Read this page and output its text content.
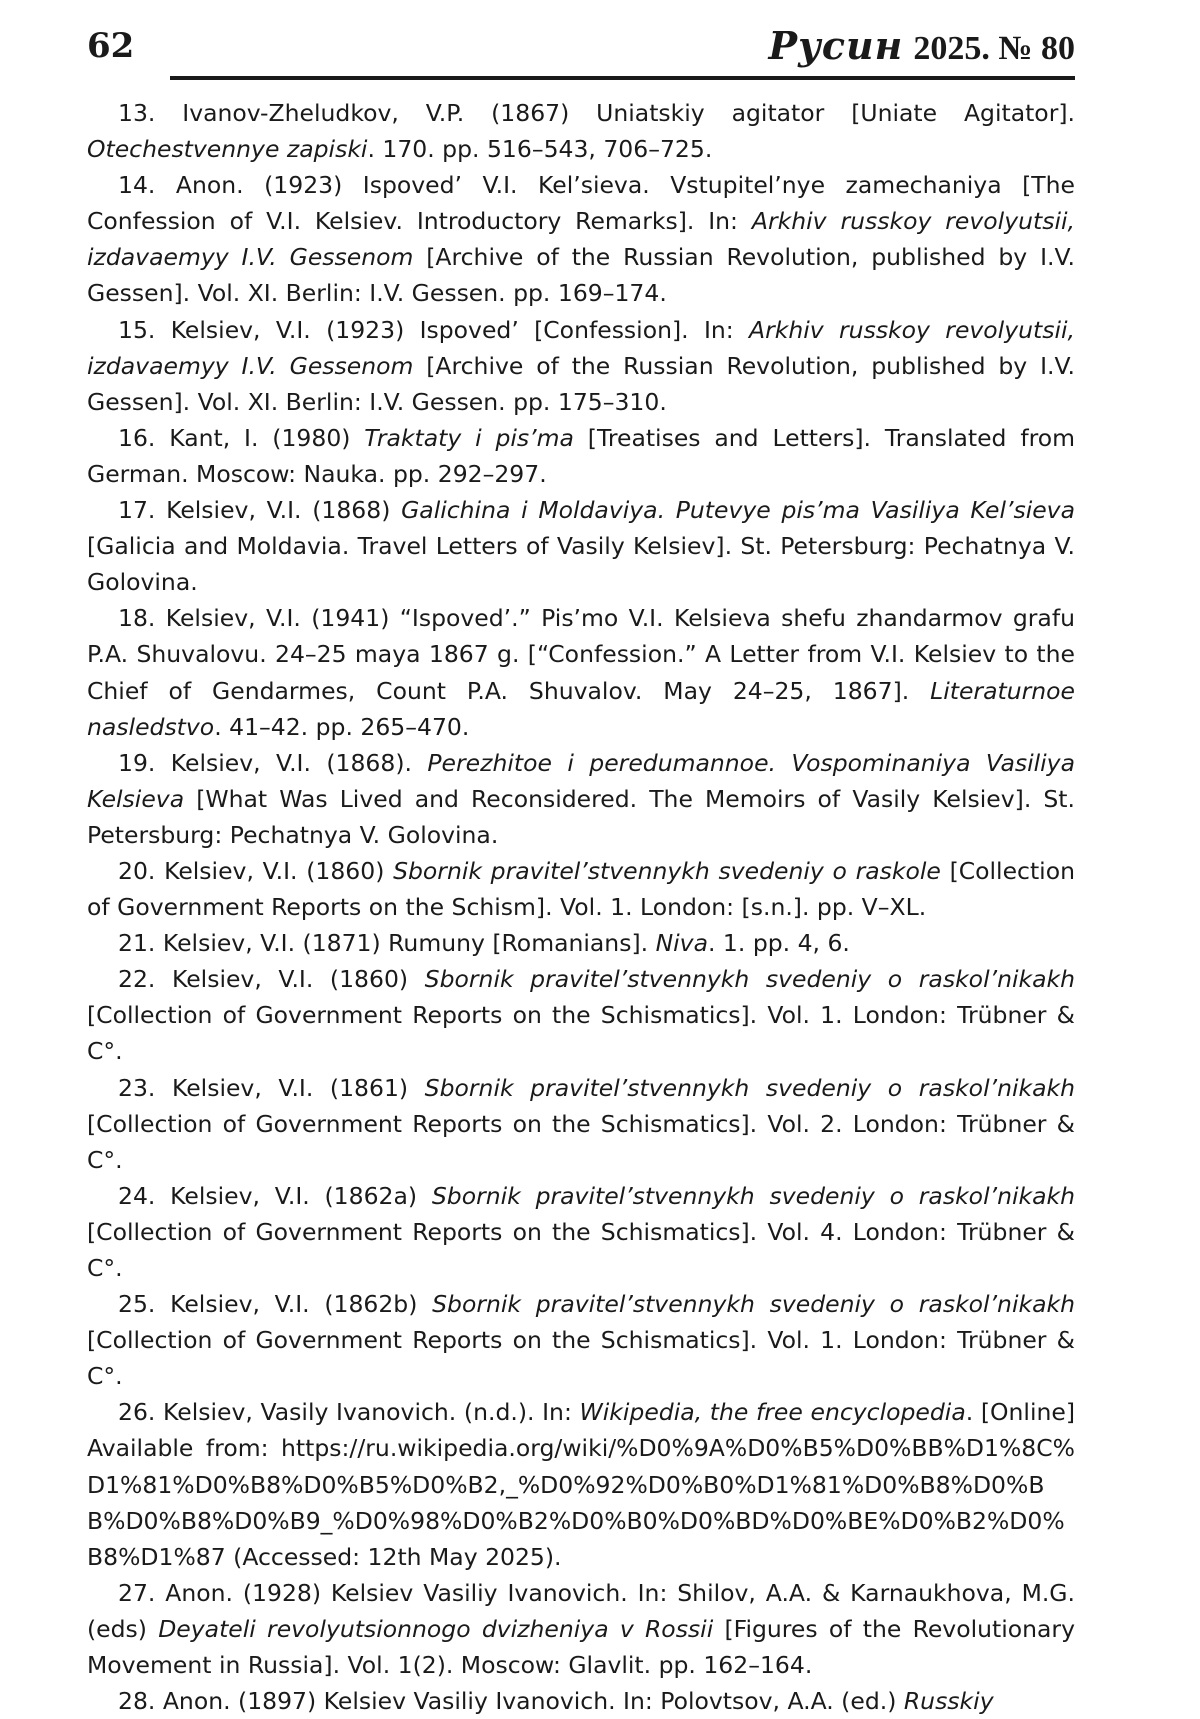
62	Русин 2025. № 80

13. Ivanov-Zheludkov, V.P. (1867) Uniatskiy agitator [Uniate Agitator]. Otechestvennye zapiski. 170. pp. 516–543, 706–725.

14. Anon. (1923) Ispoved’ V.I. Kel’sieva. Vstupitel’nye zamechaniya [The Confession of V.I. Kelsiev. Introductory Remarks]. In: Arkhiv russkoy revolyutsii, izdavaemyy I.V. Gessenom [Archive of the Russian Revolution, published by I.V. Gessen]. Vol. XI. Berlin: I.V. Gessen. pp. 169–174.

15. Kelsiev, V.I. (1923) Ispoved’ [Confession]. In: Arkhiv russkoy revolyutsii, izdavaemyy I.V. Gessenom [Archive of the Russian Revolution, published by I.V. Gessen]. Vol. XI. Berlin: I.V. Gessen. pp. 175–310.

16. Kant, I. (1980) Traktaty i pis’ma [Treatises and Letters]. Translated from German. Moscow: Nauka. pp. 292–297.

17. Kelsiev, V.I. (1868) Galichina i Moldaviya. Putevye pis’ma Vasiliya Kel’sieva [Galicia and Moldavia. Travel Letters of Vasily Kelsiev]. St. Petersburg: Pechatnya V. Golovina.

18. Kelsiev, V.I. (1941) “Ispoved’.” Pis’mo V.I. Kelsieva shefu zhandarmov grafu P.A. Shuvalovu. 24–25 maya 1867 g. [“Confession.” A Letter from V.I. Kelsiev to the Chief of Gendarmes, Count P.A. Shuvalov. May 24–25, 1867]. Literaturnoe nasledstvo. 41–42. pp. 265–470.

19. Kelsiev, V.I. (1868). Perezhitoe i peredumannoe. Vospominaniya Vasiliya Kelsieva [What Was Lived and Reconsidered. The Memoirs of Vasily Kelsiev]. St. Petersburg: Pechatnya V. Golovina.

20. Kelsiev, V.I. (1860) Sbornik pravitel’stvennykh svedeniy o raskole [Collection of Government Reports on the Schism]. Vol. 1. London: [s.n.]. pp. V–XL.

21. Kelsiev, V.I. (1871) Rumuny [Romanians]. Niva. 1. pp. 4, 6.

22. Kelsiev, V.I. (1860) Sbornik pravitel’stvennykh svedeniy o raskol’nikakh [Collection of Government Reports on the Schismatics]. Vol. 1. London: Trübner & C°.

23. Kelsiev, V.I. (1861) Sbornik pravitel’stvennykh svedeniy o raskol’nikakh [Collection of Government Reports on the Schismatics]. Vol. 2. London: Trübner & C°.

24. Kelsiev, V.I. (1862a) Sbornik pravitel’stvennykh svedeniy o raskol’nikakh [Collection of Government Reports on the Schismatics]. Vol. 4. London: Trübner & C°.

25. Kelsiev, V.I. (1862b) Sbornik pravitel’stvennykh svedeniy o raskol’nikakh [Collection of Government Reports on the Schismatics]. Vol. 1. London: Trübner & C°.

26. Kelsiev, Vasily Ivanovich. (n.d.). In: Wikipedia, the free encyclopedia. [Online] Available from: https://ru.wikipedia.org/wiki/%D0%9A%D0%B5%D0%BB%D1%8C%D1%81%D0%B8%D0%B5%D0%B2,_%D0%92%D0%B0%D1%81%D0%B8%D0%BB%D0%B8%D0%B9_%D0%98%D0%B2%D0%B0%D0%BD%D0%BE%D0%B2%D0%B8%D1%87 (Accessed: 12th May 2025).

27. Anon. (1928) Kelsiev Vasiliy Ivanovich. In: Shilov, A.A. & Karnaukhova, M.G. (eds) Deyateli revolyutsionnogo dvizheniya v Rossii [Figures of the Revolutionary Movement in Russia]. Vol. 1(2). Moscow: Glavlit. pp. 162–164.

28. Anon. (1897) Kelsiev Vasiliy Ivanovich. In: Polovtsov, A.A. (ed.) Russkiy
